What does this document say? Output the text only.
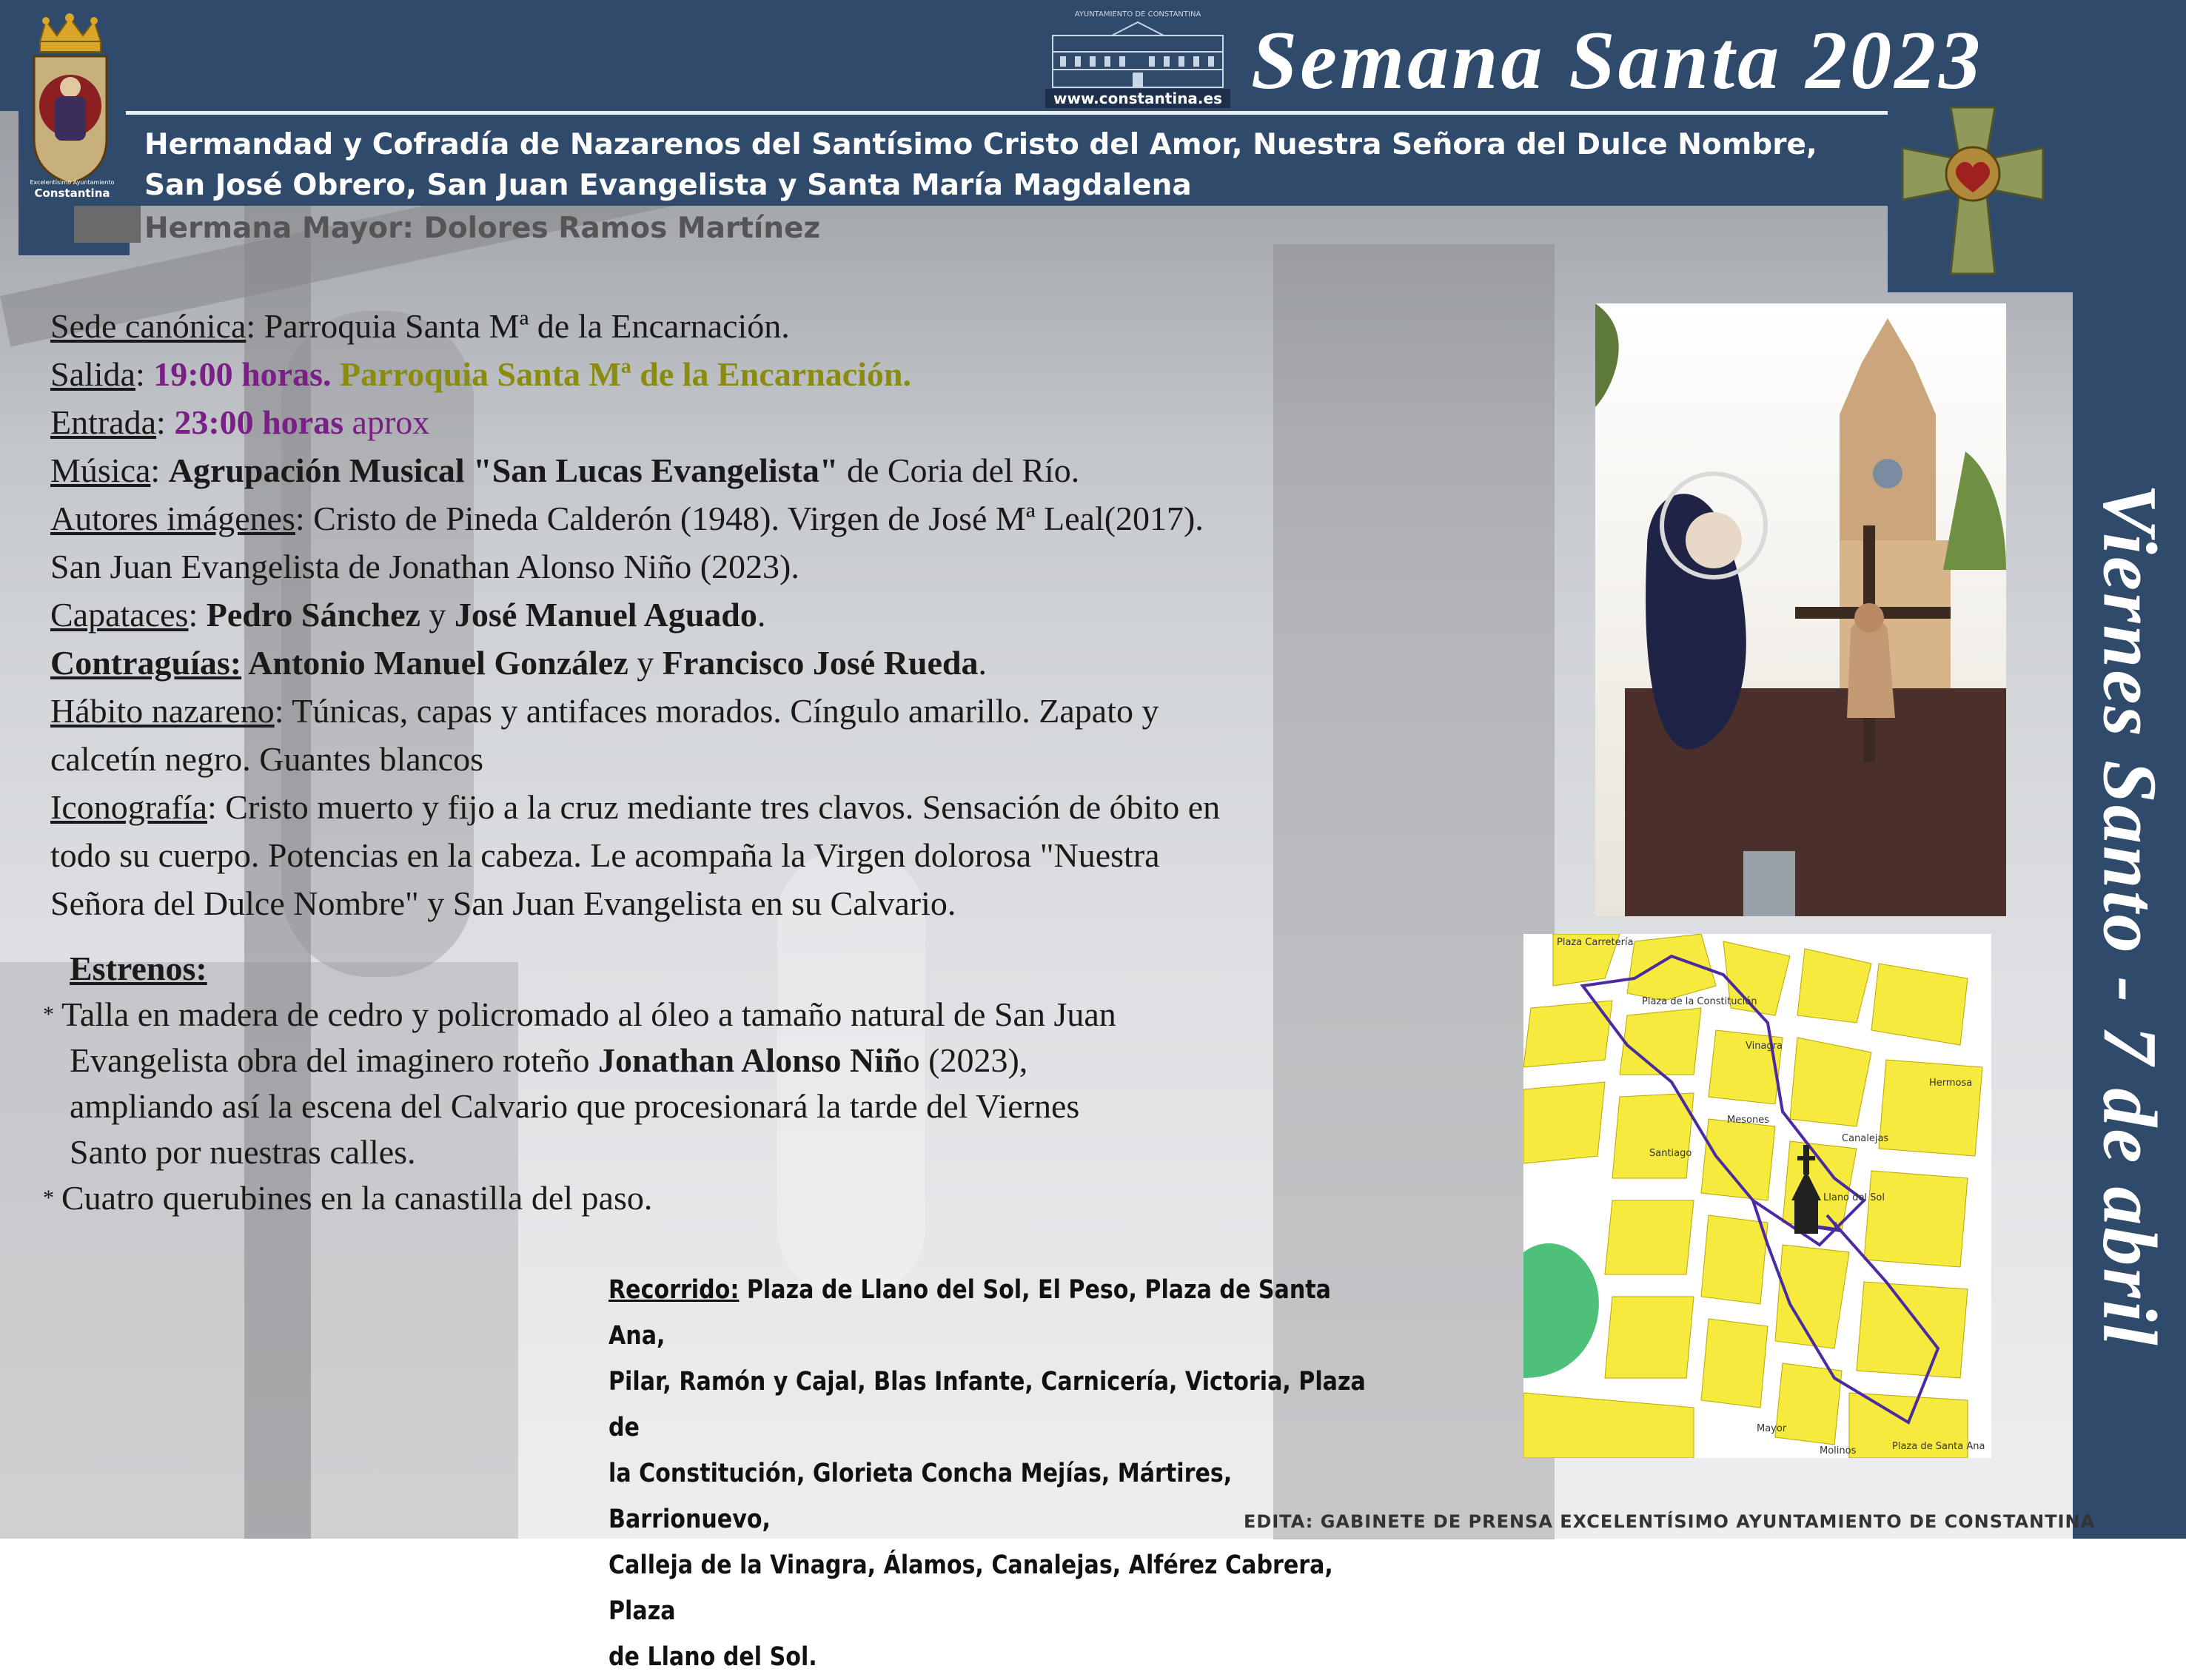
Excelentísimo Ayuntamiento
Constantina
AYUNTAMIENTO DE CONSTANTINA
www.constantina.es Semana Santa 2023
Hermandad y Cofradía de Nazarenos del Santísimo Cristo del Amor, Nuestra Señora del Dulce Nombre,
San José Obrero, San Juan Evangelista y Santa María Magdalena
Hermana Mayor: Dolores Ramos Martínez
Viernes Santo - 7 de abril
Plaza Carretería
Plaza de la Constitución
Plaza de Santa Ana
Llano del Sol
Mayor
Hermosa
Santiago
Mesones
Canalejas
Vinagra
Molinos

Sede canónica: Parroquia Santa Mª de la Encarnación.

Salida: 19:00 horas. Parroquia Santa Mª de la Encarnación.

Entrada: 23:00 horas aprox

Música: Agrupación Musical "San Lucas Evangelista" de Coria del Río.

Autores imágenes: Cristo de Pineda Calderón (1948). Virgen de José Mª Leal(2017).

San Juan Evangelista de Jonathan Alonso Niño (2023).

Capataces: Pedro Sánchez y José Manuel Aguado.

Contraguías: Antonio Manuel González y Francisco José Rueda.

Hábito nazareno: Túnicas, capas y antifaces morados. Cíngulo amarillo. Zapato y

calcetín negro. Guantes blancos

Iconografía: Cristo muerto y fijo a la cruz mediante tres clavos. Sensación de óbito en

todo su cuerpo. Potencias en la cabeza. Le acompaña la Virgen dolorosa "Nuestra

Señora del Dulce Nombre" y San Juan Evangelista en su Calvario.

Estrenos:

* Talla en madera de cedro y policromado al óleo a tamaño natural de San Juan

Evangelista obra del imaginero roteño Jonathan Alonso Niño (2023),

ampliando así la escena del Calvario que procesionará la tarde del Viernes

Santo por nuestras calles.

* Cuatro querubines en la canastilla del paso.

Recorrido: Plaza de Llano del Sol, El Peso, Plaza de Santa Ana,
Pilar, Ramón y Cajal, Blas Infante, Carnicería, Victoria, Plaza de
la Constitución, Glorieta Concha Mejías, Mártires, Barrionuevo,
Calleja de la Vinagra, Álamos, Canalejas, Alférez Cabrera, Plaza
de Llano del Sol.
EDITA: GABINETE DE PRENSA EXCELENTÍSIMO AYUNTAMIENTO DE CONSTANTINA
